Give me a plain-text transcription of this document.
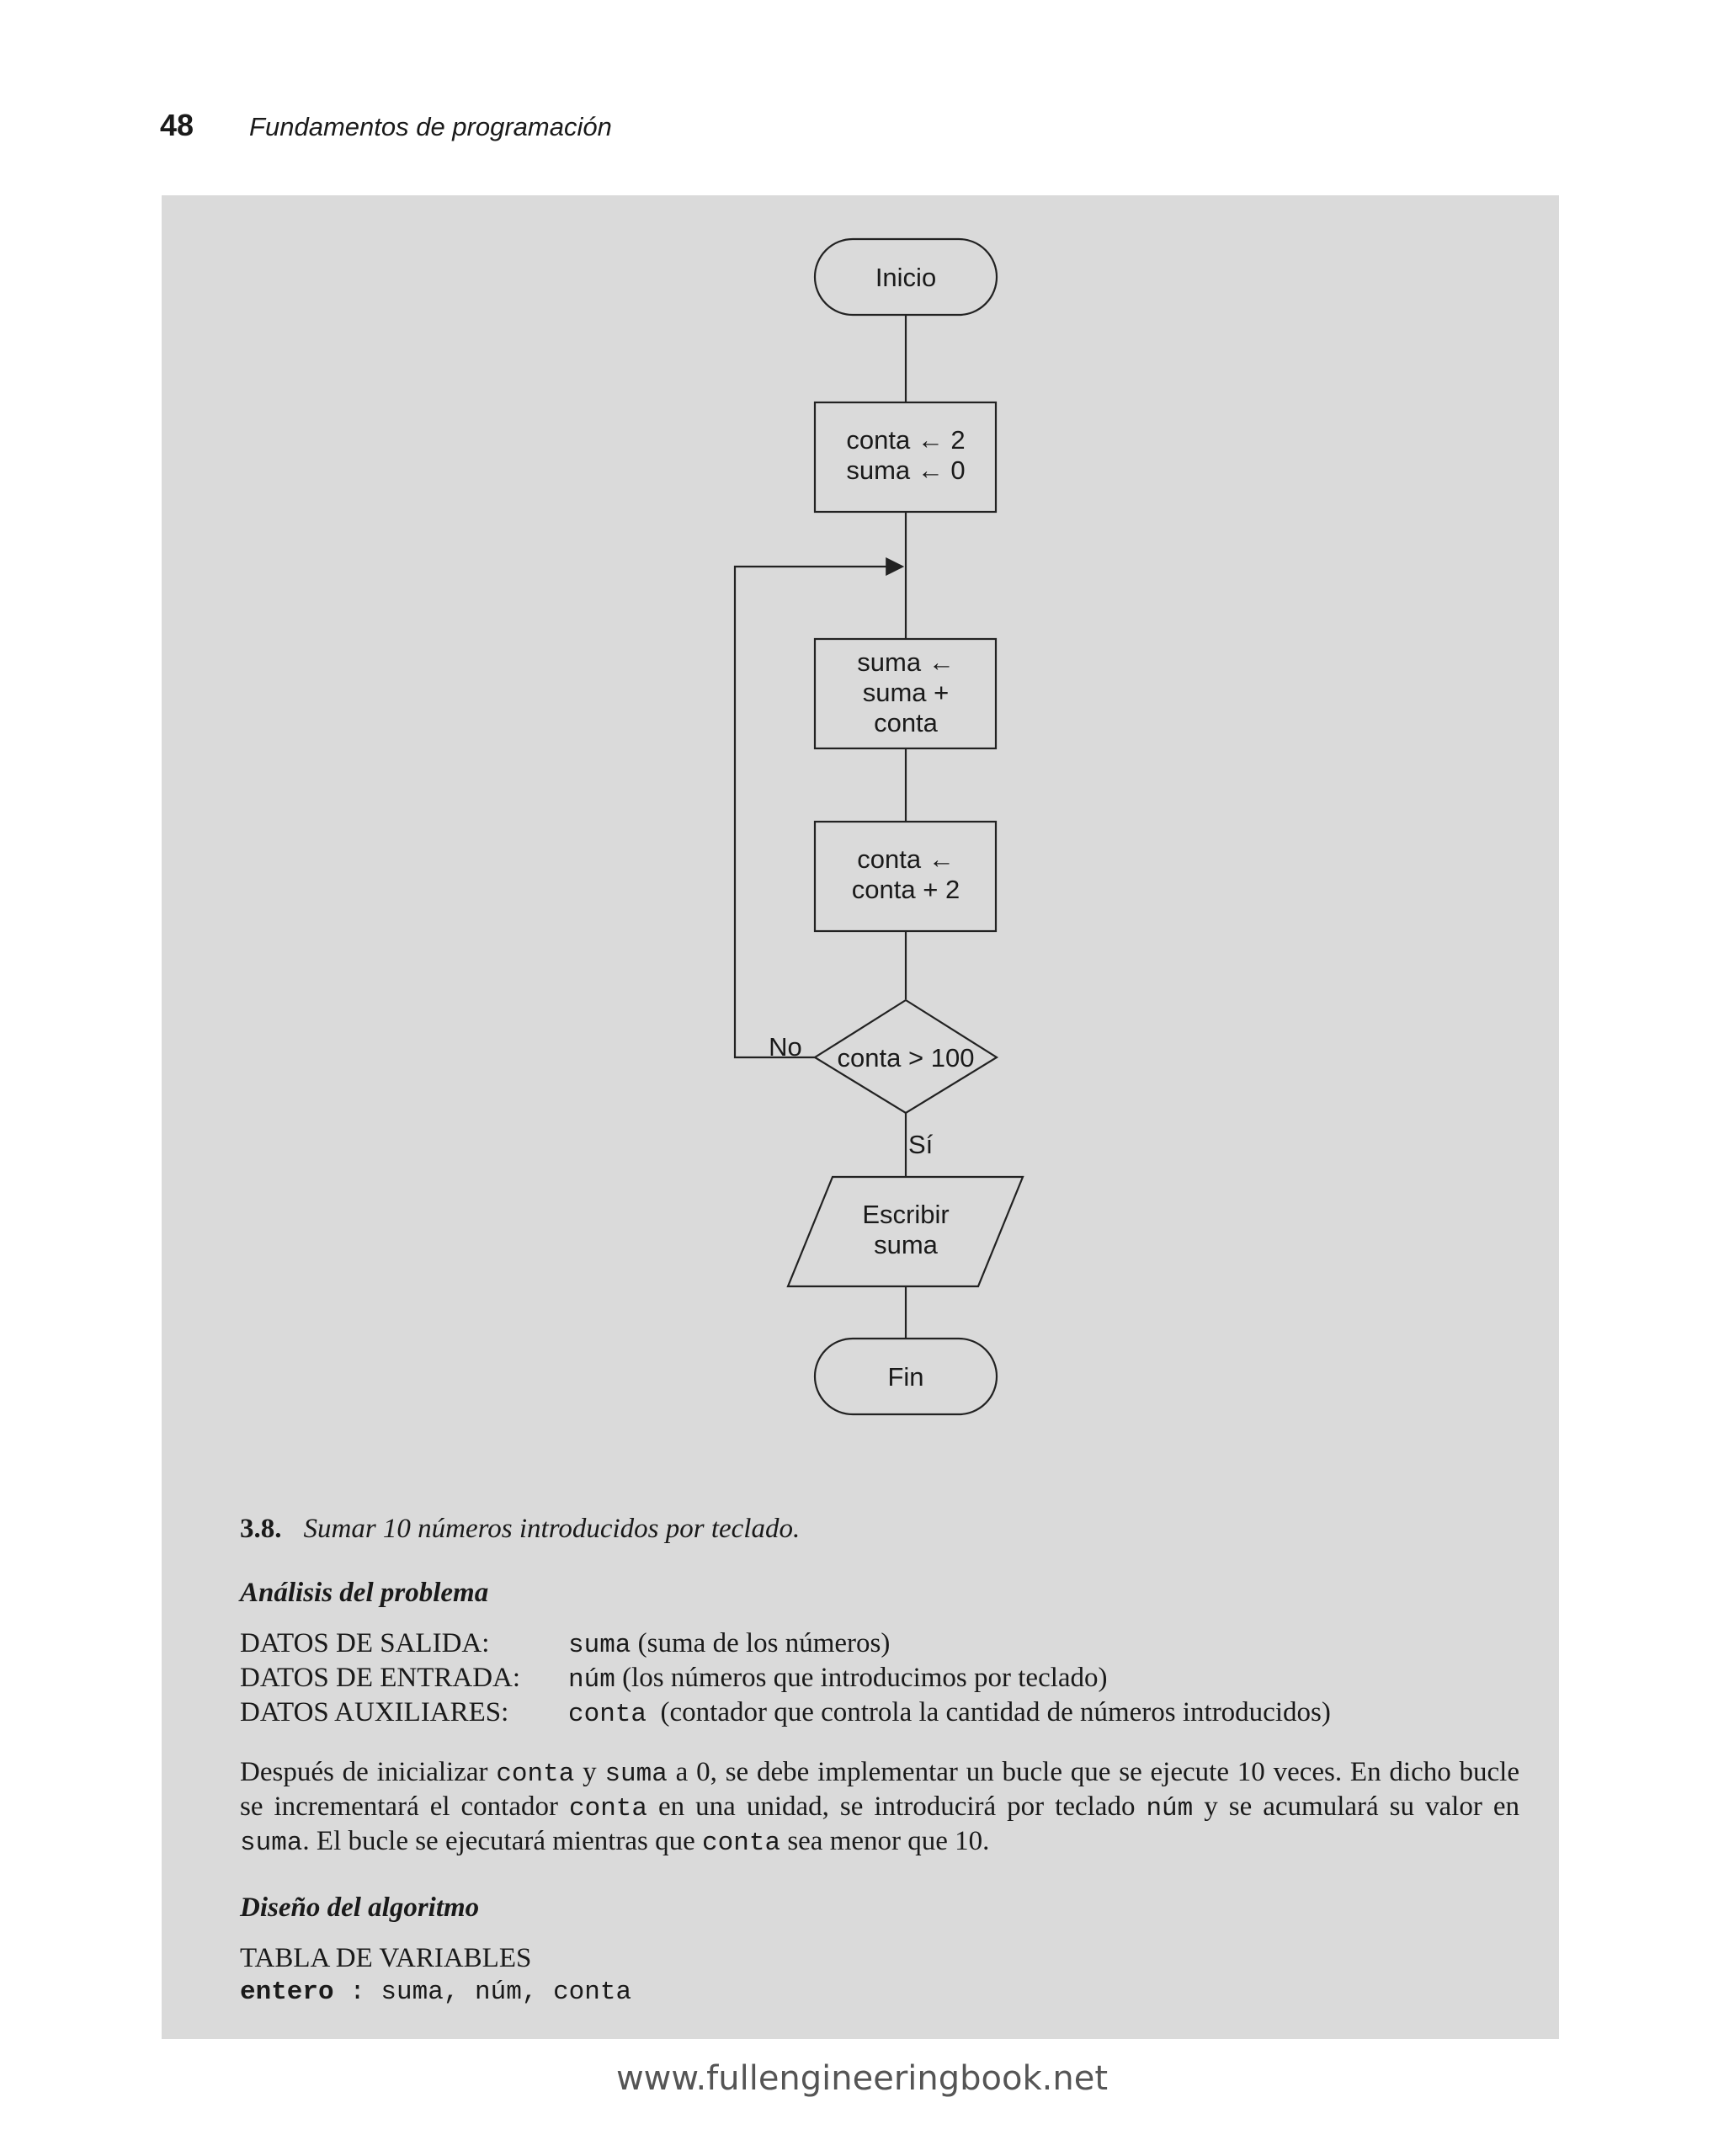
48 Fundamentos de programación
Inicio
conta ← 2
suma ← 0
suma ←
suma +
conta
conta ←
conta + 2
conta > 100
No
Sí
Escribir
suma
Fin
3.8. Sumar 10 números introducidos por teclado.
Análisis del problema
DATOS DE SALIDA:	suma (suma de los números)
DATOS DE ENTRADA:	núm (los números que introducimos por teclado)
DATOS AUXILIARES:	conta  (contador que controla la cantidad de números introducidos)
Después de inicializar conta y suma a 0, se debe implementar un bucle que se ejecute 10 veces. En dicho bucle se incrementará el contador conta en una unidad, se introducirá por teclado núm y se acumulará su valor en suma. El bucle se ejecutará mientras que conta sea menor que 10.
Diseño del algoritmo
TABLA DE VARIABLES
entero : suma, núm, conta
www.fullengineeringbook.net
